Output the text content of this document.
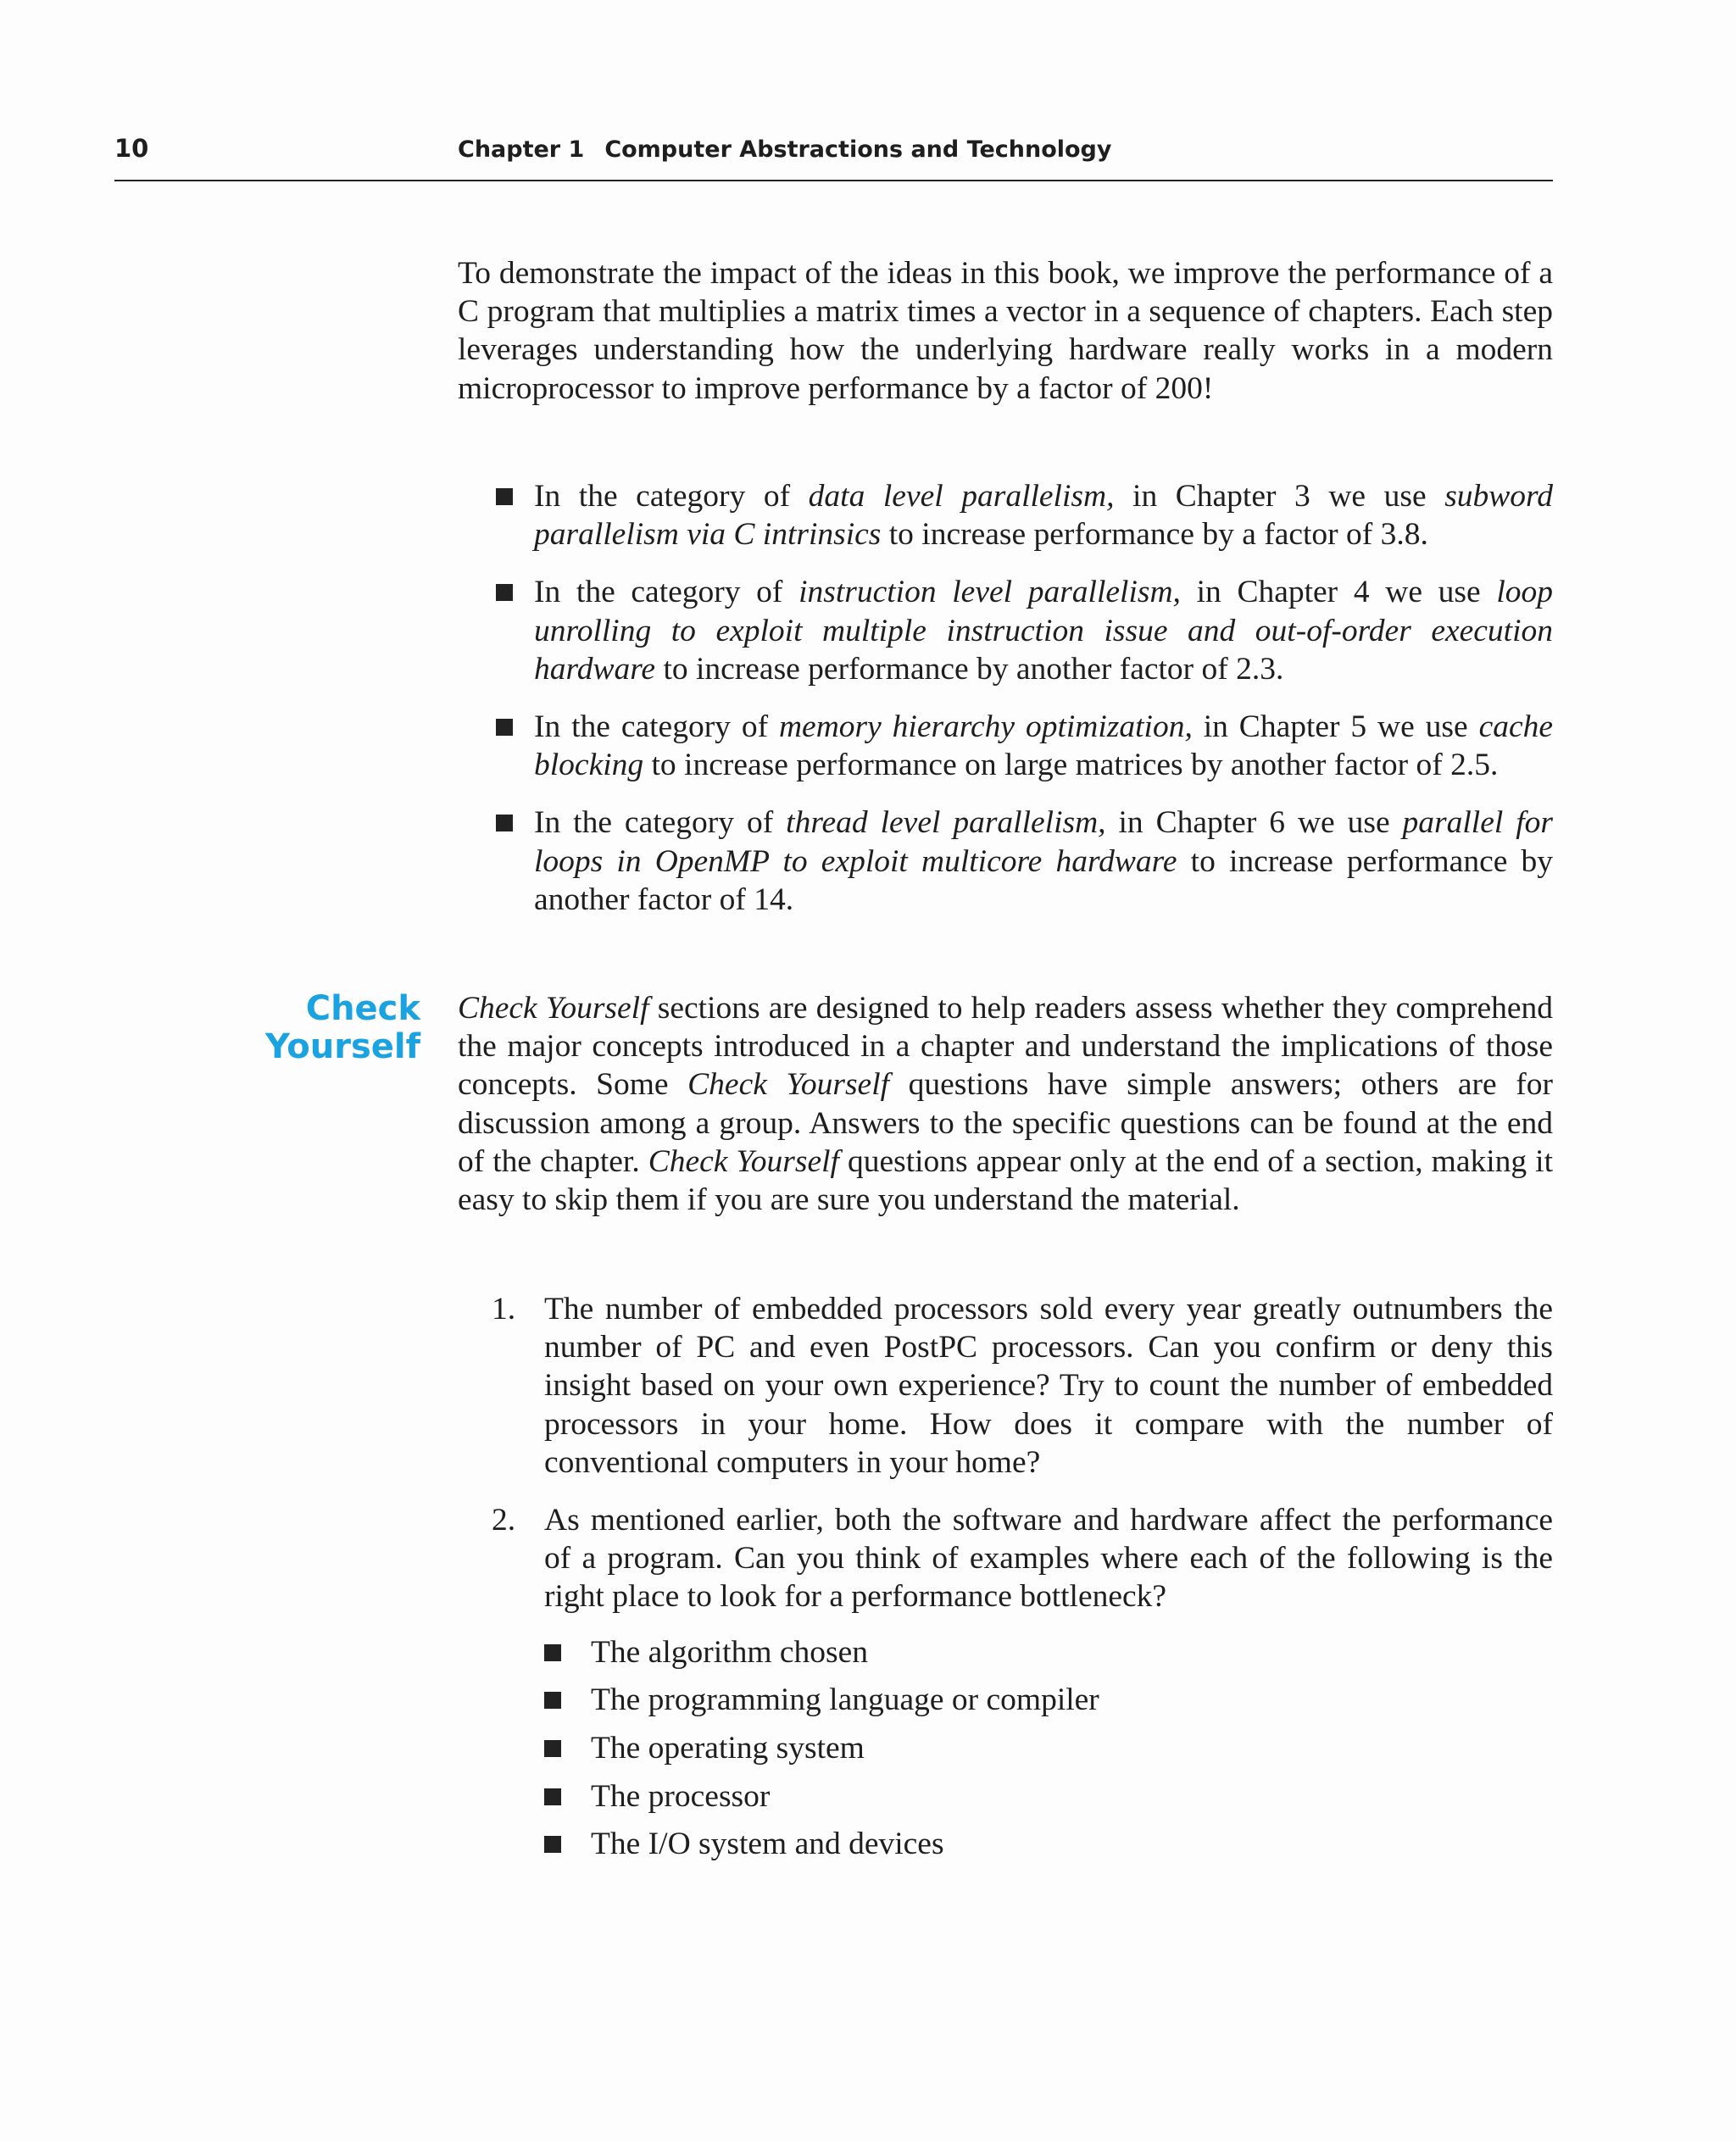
10	Chapter 1 Computer Abstractions and Technology

To demonstrate the impact of the ideas in this book, we improve the performance of a C program that multiplies a matrix times a vector in a sequence of chapters. Each step leverages understanding how the underlying hardware really works in a modern microprocessor to improve performance by a factor of 200!

In the category of data level parallelism, in Chapter 3 we use subword parallelism via C intrinsics to increase performance by a factor of 3.8.
In the category of instruction level parallelism, in Chapter 4 we use loop unrolling to exploit multiple instruction issue and out-of-order execution hardware to increase performance by another factor of 2.3.
In the category of memory hierarchy optimization, in Chapter 5 we use cache blocking to increase performance on large matrices by another factor of 2.5.
In the category of thread level parallelism, in Chapter 6 we use parallel for loops in OpenMP to exploit multicore hardware to increase performance by another factor of 14.
Check
Yourself

Check Yourself sections are designed to help readers assess whether they comprehend the major concepts introduced in a chapter and understand the implications of those concepts. Some Check Yourself questions have simple answers; others are for discussion among a group. Answers to the specific questions can be found at the end of the chapter. Check Yourself questions appear only at the end of a section, making it easy to skip them if you are sure you understand the material.

1. The number of embedded processors sold every year greatly outnumbers the number of PC and even PostPC processors. Can you confirm or deny this insight based on your own experience? Try to count the number of embedded processors in your home. How does it compare with the number of conventional computers in your home?
2. As mentioned earlier, both the software and hardware affect the performance of a program. Can you think of examples where each of the following is the right place to look for a performance bottleneck?
The algorithm chosen
The programming language or compiler
The operating system
The processor
The I/O system and devices
